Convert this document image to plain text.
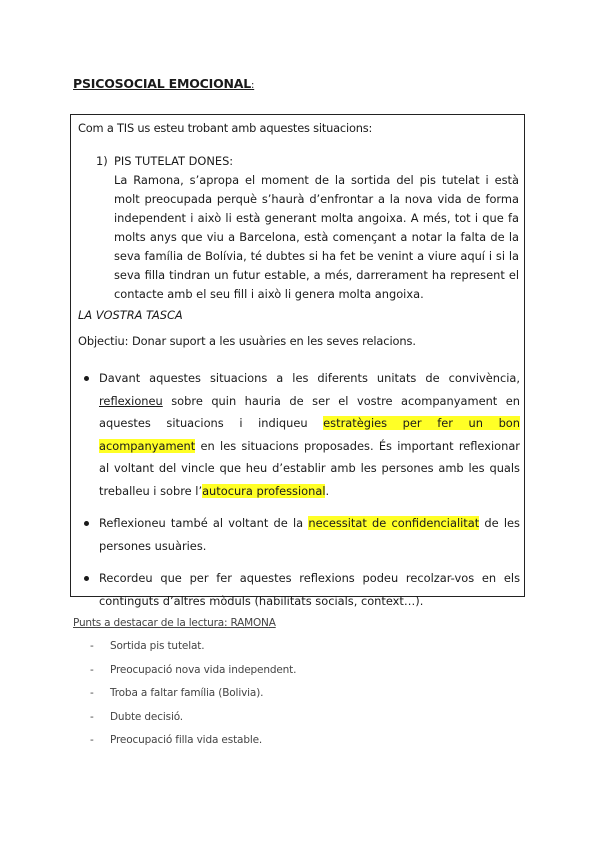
PSICOSOCIAL EMOCIONAL:
Com a TIS us esteu trobant amb aquestes situacions:
1) PIS TUTELAT DONES:
La Ramona, s’apropa el moment de la sortida del pis tutelat i està molt preocupada perquè s’haurà d’enfrontar a la nova vida de forma independent i això li està generant molta angoixa. A més, tot i que fa molts anys que viu a Barcelona, està començant a notar la falta de la seva família de Bolívia, té dubtes si ha fet be venint a viure aquí i si la seva filla tindran un futur estable, a més, darrerament ha represent el contacte amb el seu fill i això li genera molta angoixa.
LA VOSTRA TASCA
Objectiu: Donar suport a les usuàries en les seves relacions.
Davant aquestes situacions a les diferents unitats de convivència, reflexioneu sobre quin hauria de ser el vostre acompanyament en aquestes situacions i indiqueu estratègies per fer un bon acompanyament en les situacions proposades. És important reflexionar al voltant del vincle que heu d’establir amb les persones amb les quals treballeu i sobre l’autocura professional.
Reflexioneu també al voltant de la necessitat de confidencialitat de les persones usuàries.
Recordeu que per fer aquestes reflexions podeu recolzar-vos en els continguts d’altres mòduls (habilitats socials, context…).
Punts a destacar de la lectura: RAMONA
- Sortida pis tutelat.
- Preocupació nova vida independent.
- Troba a faltar família (Bolivia).
- Dubte decisió.
- Preocupació filla vida estable.
